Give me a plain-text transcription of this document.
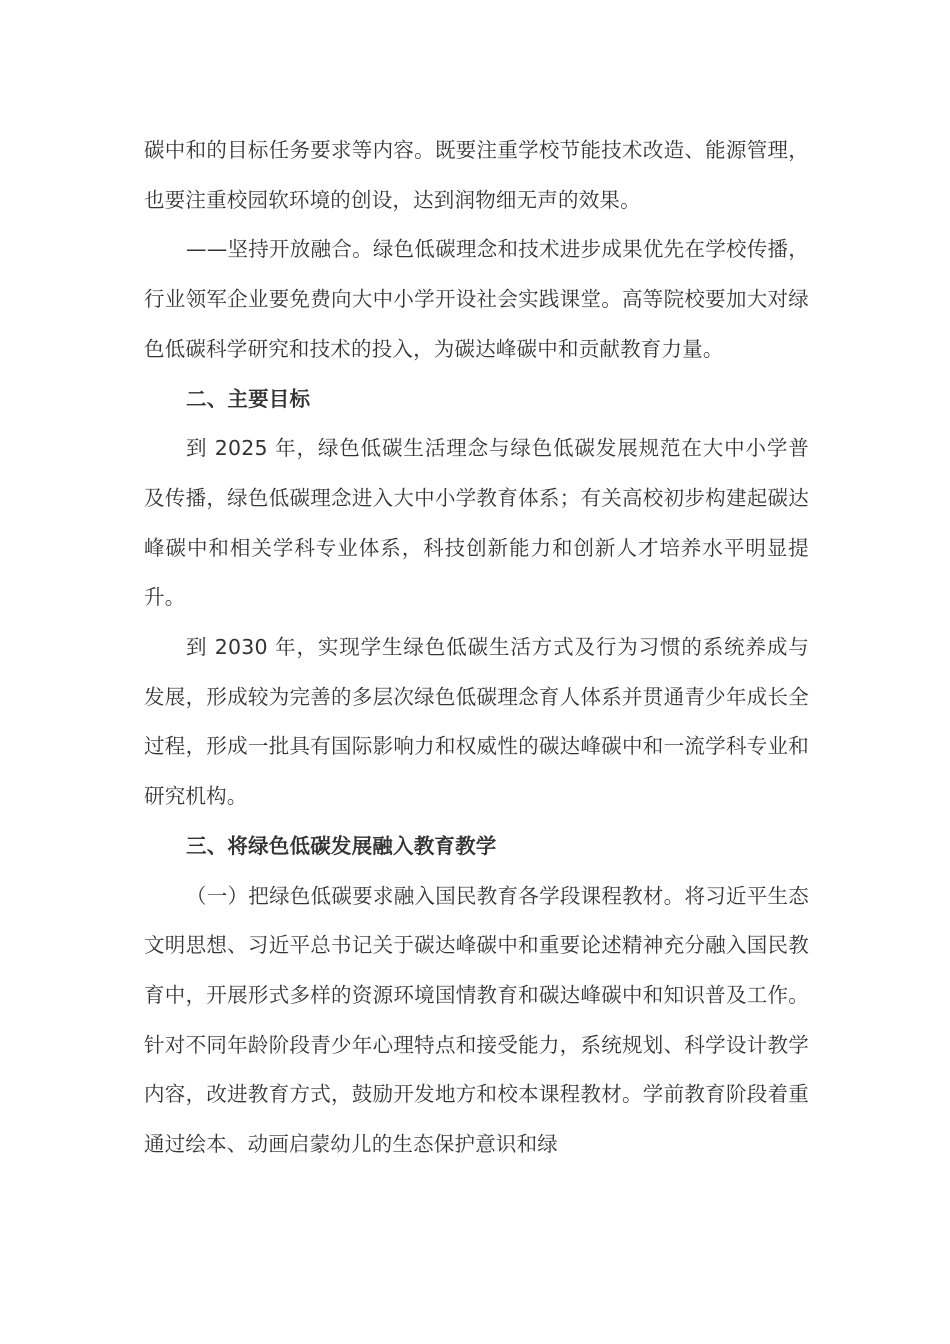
碳中和的目标任务要求等内容。既要注重学校节能技术改造、能源管理，也要注重校园软环境的创设，达到润物细无声的效果。

——坚持开放融合。绿色低碳理念和技术进步成果优先在学校传播，行业领军企业要免费向大中小学开设社会实践课堂。高等院校要加大对绿色低碳科学研究和技术的投入，为碳达峰碳中和贡献教育力量。

二、主要目标

到 2025 年，绿色低碳生活理念与绿色低碳发展规范在大中小学普及传播，绿色低碳理念进入大中小学教育体系；有关高校初步构建起碳达峰碳中和相关学科专业体系，科技创新能力和创新人才培养水平明显提升。

到 2030 年，实现学生绿色低碳生活方式及行为习惯的系统养成与发展，形成较为完善的多层次绿色低碳理念育人体系并贯通青少年成长全过程，形成一批具有国际影响力和权威性的碳达峰碳中和一流学科专业和研究机构。

三、将绿色低碳发展融入教育教学

（一）把绿色低碳要求融入国民教育各学段课程教材。将习近平生态文明思想、习近平总书记关于碳达峰碳中和重要论述精神充分融入国民教育中，开展形式多样的资源环境国情教育和碳达峰碳中和知识普及工作。针对不同年龄阶段青少年心理特点和接受能力，系统规划、科学设计教学内容，改进教育方式，鼓励开发地方和校本课程教材。学前教育阶段着重通过绘本、动画启蒙幼儿的生态保护意识和绿
